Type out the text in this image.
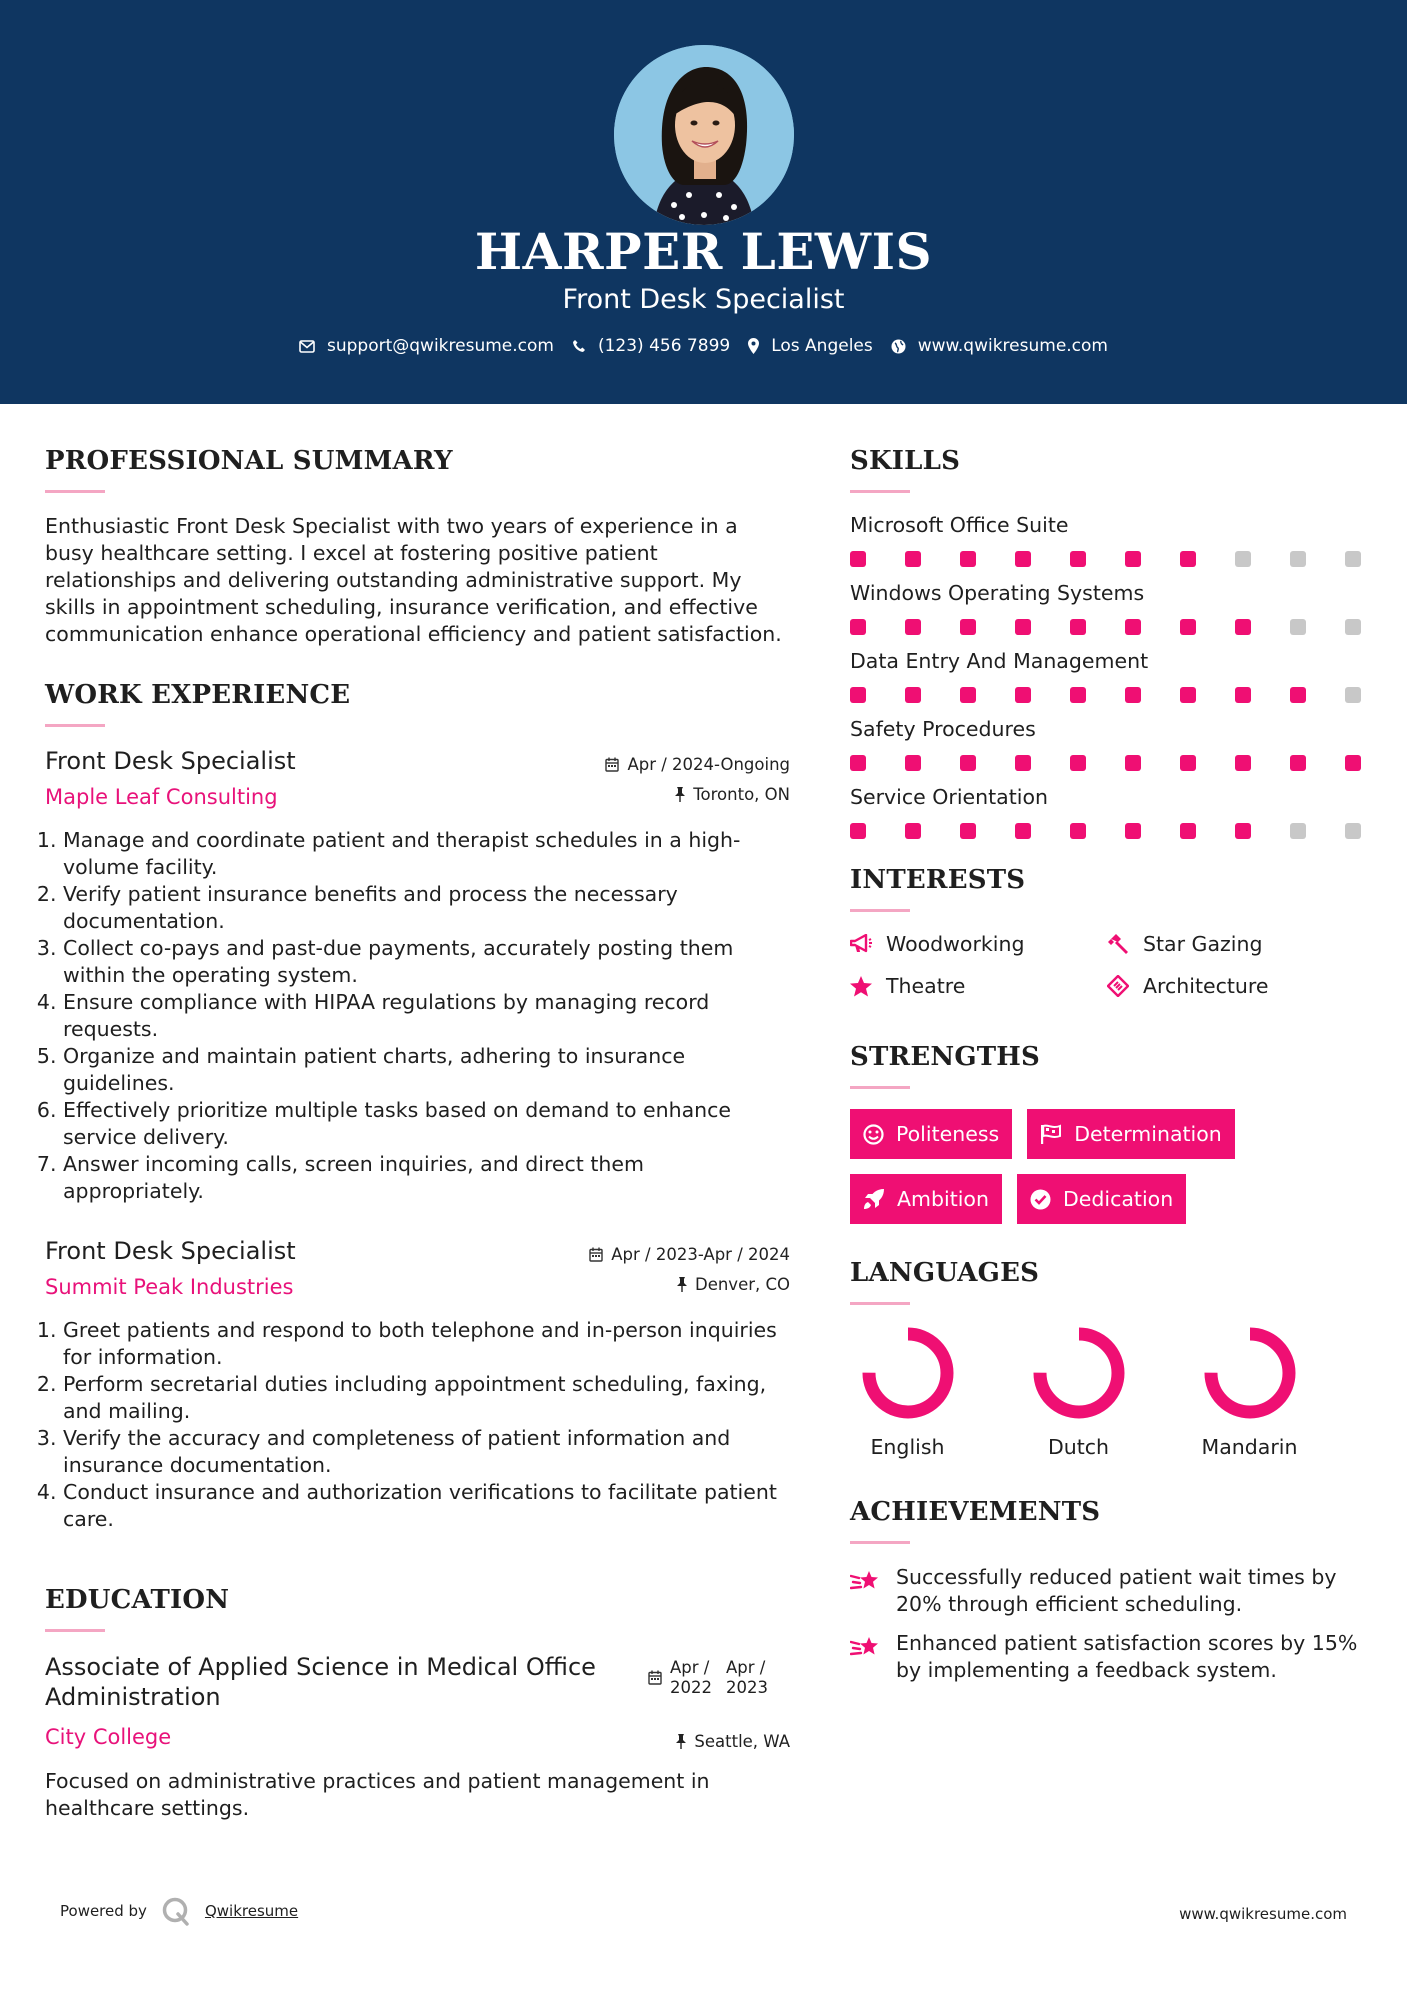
HARPER LEWIS
Front Desk Specialist
support@qwikresume.com	(123) 456 7899 Los Angeles	www.qwikresume.com
PROFESSIONAL SUMMARY

Enthusiastic Front Desk Specialist with two years of experience in a busy healthcare setting. I excel at fostering positive patient relationships and delivering outstanding administrative support. My skills in appointment scheduling, insurance verification, and effective communication enhance operational efficiency and patient satisfaction.

WORK EXPERIENCE
Front Desk Specialist
Maple Leaf Consulting
Apr / 2024-Ongoing
Toronto, ON
1. Manage and coordinate patient and therapist schedules in a high-volume facility.
2. Verify patient insurance benefits and process the necessary documentation.
3. Collect co-pays and past-due payments, accurately posting them within the operating system.
4. Ensure compliance with HIPAA regulations by managing record requests.
5. Organize and maintain patient charts, adhering to insurance guidelines.
6. Effectively prioritize multiple tasks based on demand to enhance service delivery.
7. Answer incoming calls, screen inquiries, and direct them appropriately.
Front Desk Specialist
Summit Peak Industries
Apr / 2023-Apr / 2024
Denver, CO
1. Greet patients and respond to both telephone and in-person inquiries for information.
2. Perform secretarial duties including appointment scheduling, faxing, and mailing.
3. Verify the accuracy and completeness of patient information and insurance documentation.
4. Conduct insurance and authorization verifications to facilitate patient care.
EDUCATION
Associate of Applied Science in Medical Office Administration
City College
Apr / 2022
Apr / 2023
Seattle, WA

Focused on administrative practices and patient management in healthcare settings.

SKILLS
Microsoft Office Suite
Windows Operating Systems
Data Entry And Management
Safety Procedures
Service Orientation
INTERESTS
Woodworking	Star Gazing
Theatre	Architecture
STRENGTHS
Politeness	Determination
Ambition	Dedication
LANGUAGES
English	Dutch	Mandarin
ACHIEVEMENTS
Successfully reduced patient wait times by 20% through efficient scheduling.
Enhanced patient satisfaction scores by 15% by implementing a feedback system.
Powered by	Qwikresume	www.qwikresume.com
